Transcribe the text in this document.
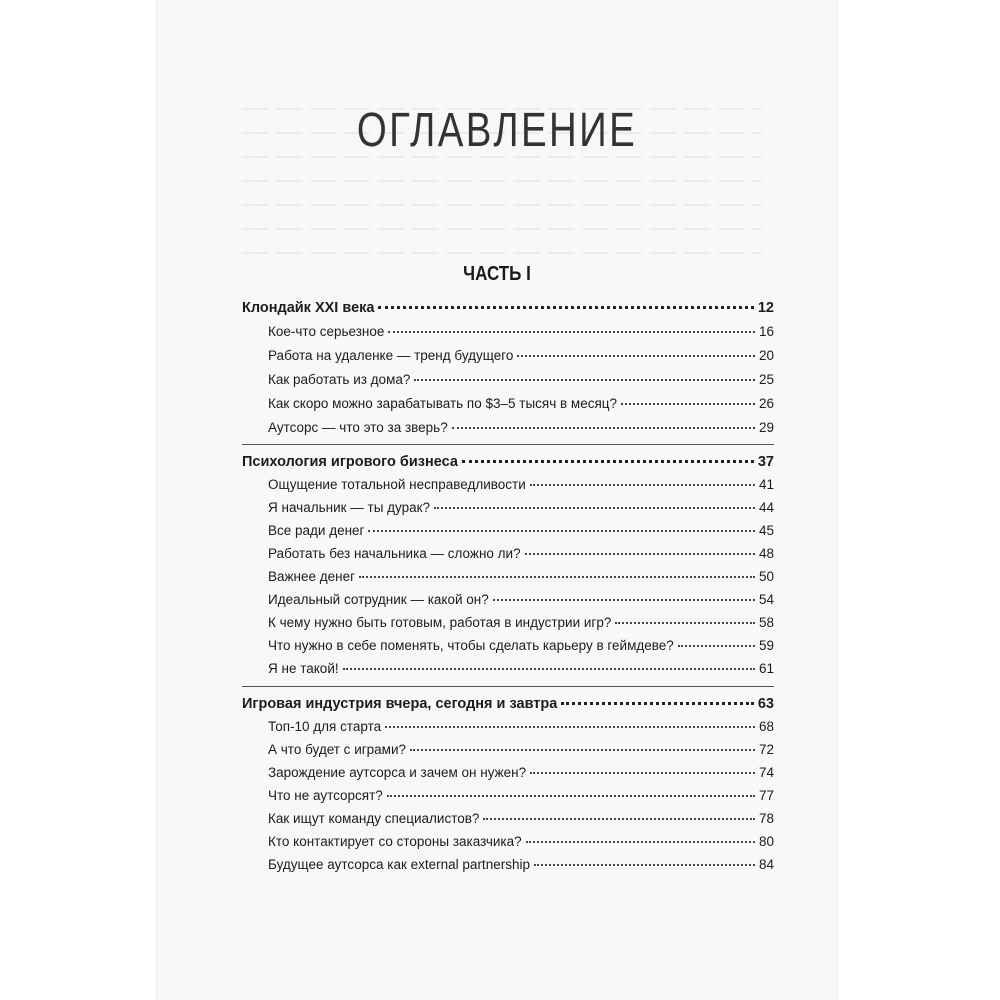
ОГЛАВЛЕНИЕ
ЧАСТЬ I
Клондайк XXI века	12
Кое-что серьезное	16
Работа на удаленке — тренд будущего	20
Как работать из дома?	25
Как скоро можно зарабатывать по $3–5 тысяч в месяц?	26
Аутсорс — что это за зверь?	29
Психология игрового бизнеса	37
Ощущение тотальной несправедливости	41
Я начальник — ты дурак?	44
Все ради денег	45
Работать без начальника — сложно ли?	48
Важнее денег	50
Идеальный сотрудник — какой он?	54
К чему нужно быть готовым, работая в индустрии игр?	58
Что нужно в себе поменять, чтобы сделать карьеру в геймдеве?	59
Я не такой!	61
Игровая индустрия вчера, сегодня и завтра	63
Топ-10 для старта	68
А что будет с играми?	72
Зарождение аутсорса и зачем он нужен?	74
Что не аутсорсят?	77
Как ищут команду специалистов?	78
Кто контактирует со стороны заказчика?	80
Будущее аутсорса как external partnership	84
